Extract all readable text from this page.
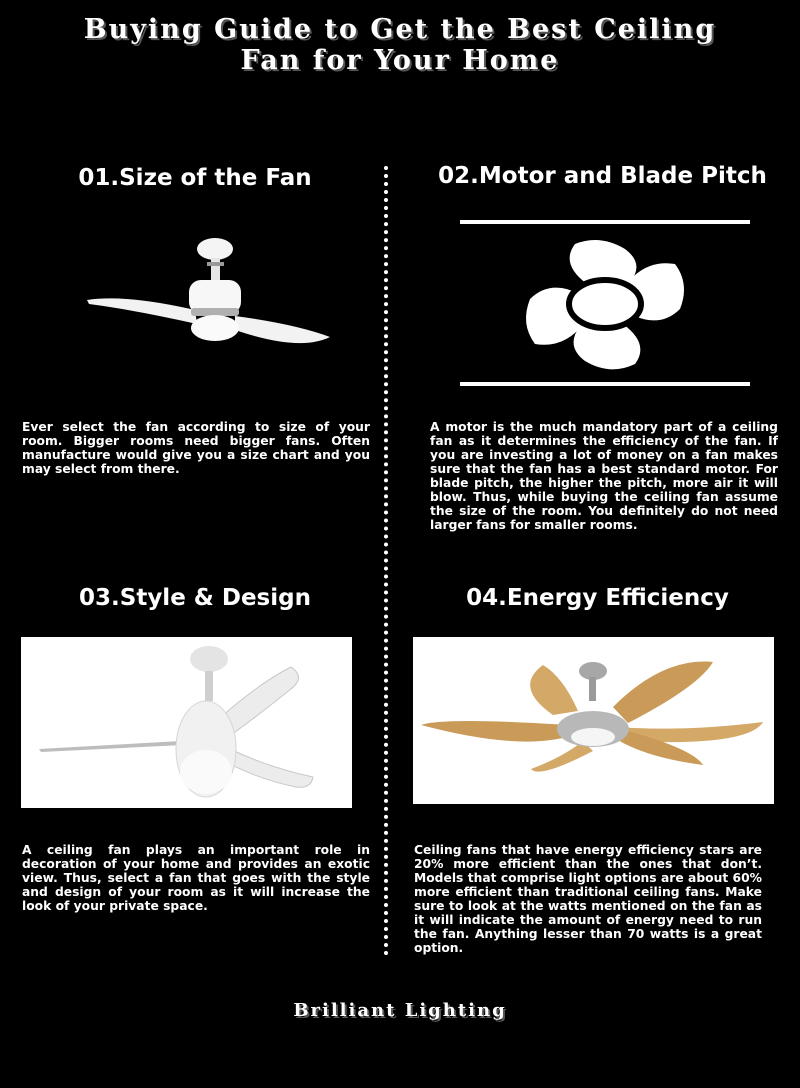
Buying Guide to Get the Best Ceiling
Fan for Your Home
01.Size of the Fan
Ever select the fan according to size of your room. Bigger rooms need bigger fans. Often manufacture would give you a size chart and you may select from there.
02.Motor and Blade Pitch
A motor is the much mandatory part of a ceiling fan as it determines the efficiency of the fan. If you are investing a lot of money on a fan makes sure that the fan has a best standard motor. For blade pitch, the higher the pitch, more air it will blow. Thus, while buying the ceiling fan assume the size of the room. You definitely do not need larger fans for smaller rooms.
03.Style & Design
A ceiling fan plays an important role in decoration of your home and provides an exotic view. Thus, select a fan that goes with the style and design of your room as it will increase the look of your private space.
04.Energy Efficiency
Ceiling fans that have energy efficiency stars are 20% more efficient than the ones that don’t. Models that comprise light options are about 60% more efficient than traditional ceiling fans. Make sure to look at the watts mentioned on the fan as it will indicate the amount of energy need to run the fan. Anything lesser than 70 watts is a great option.
Brilliant Lighting
